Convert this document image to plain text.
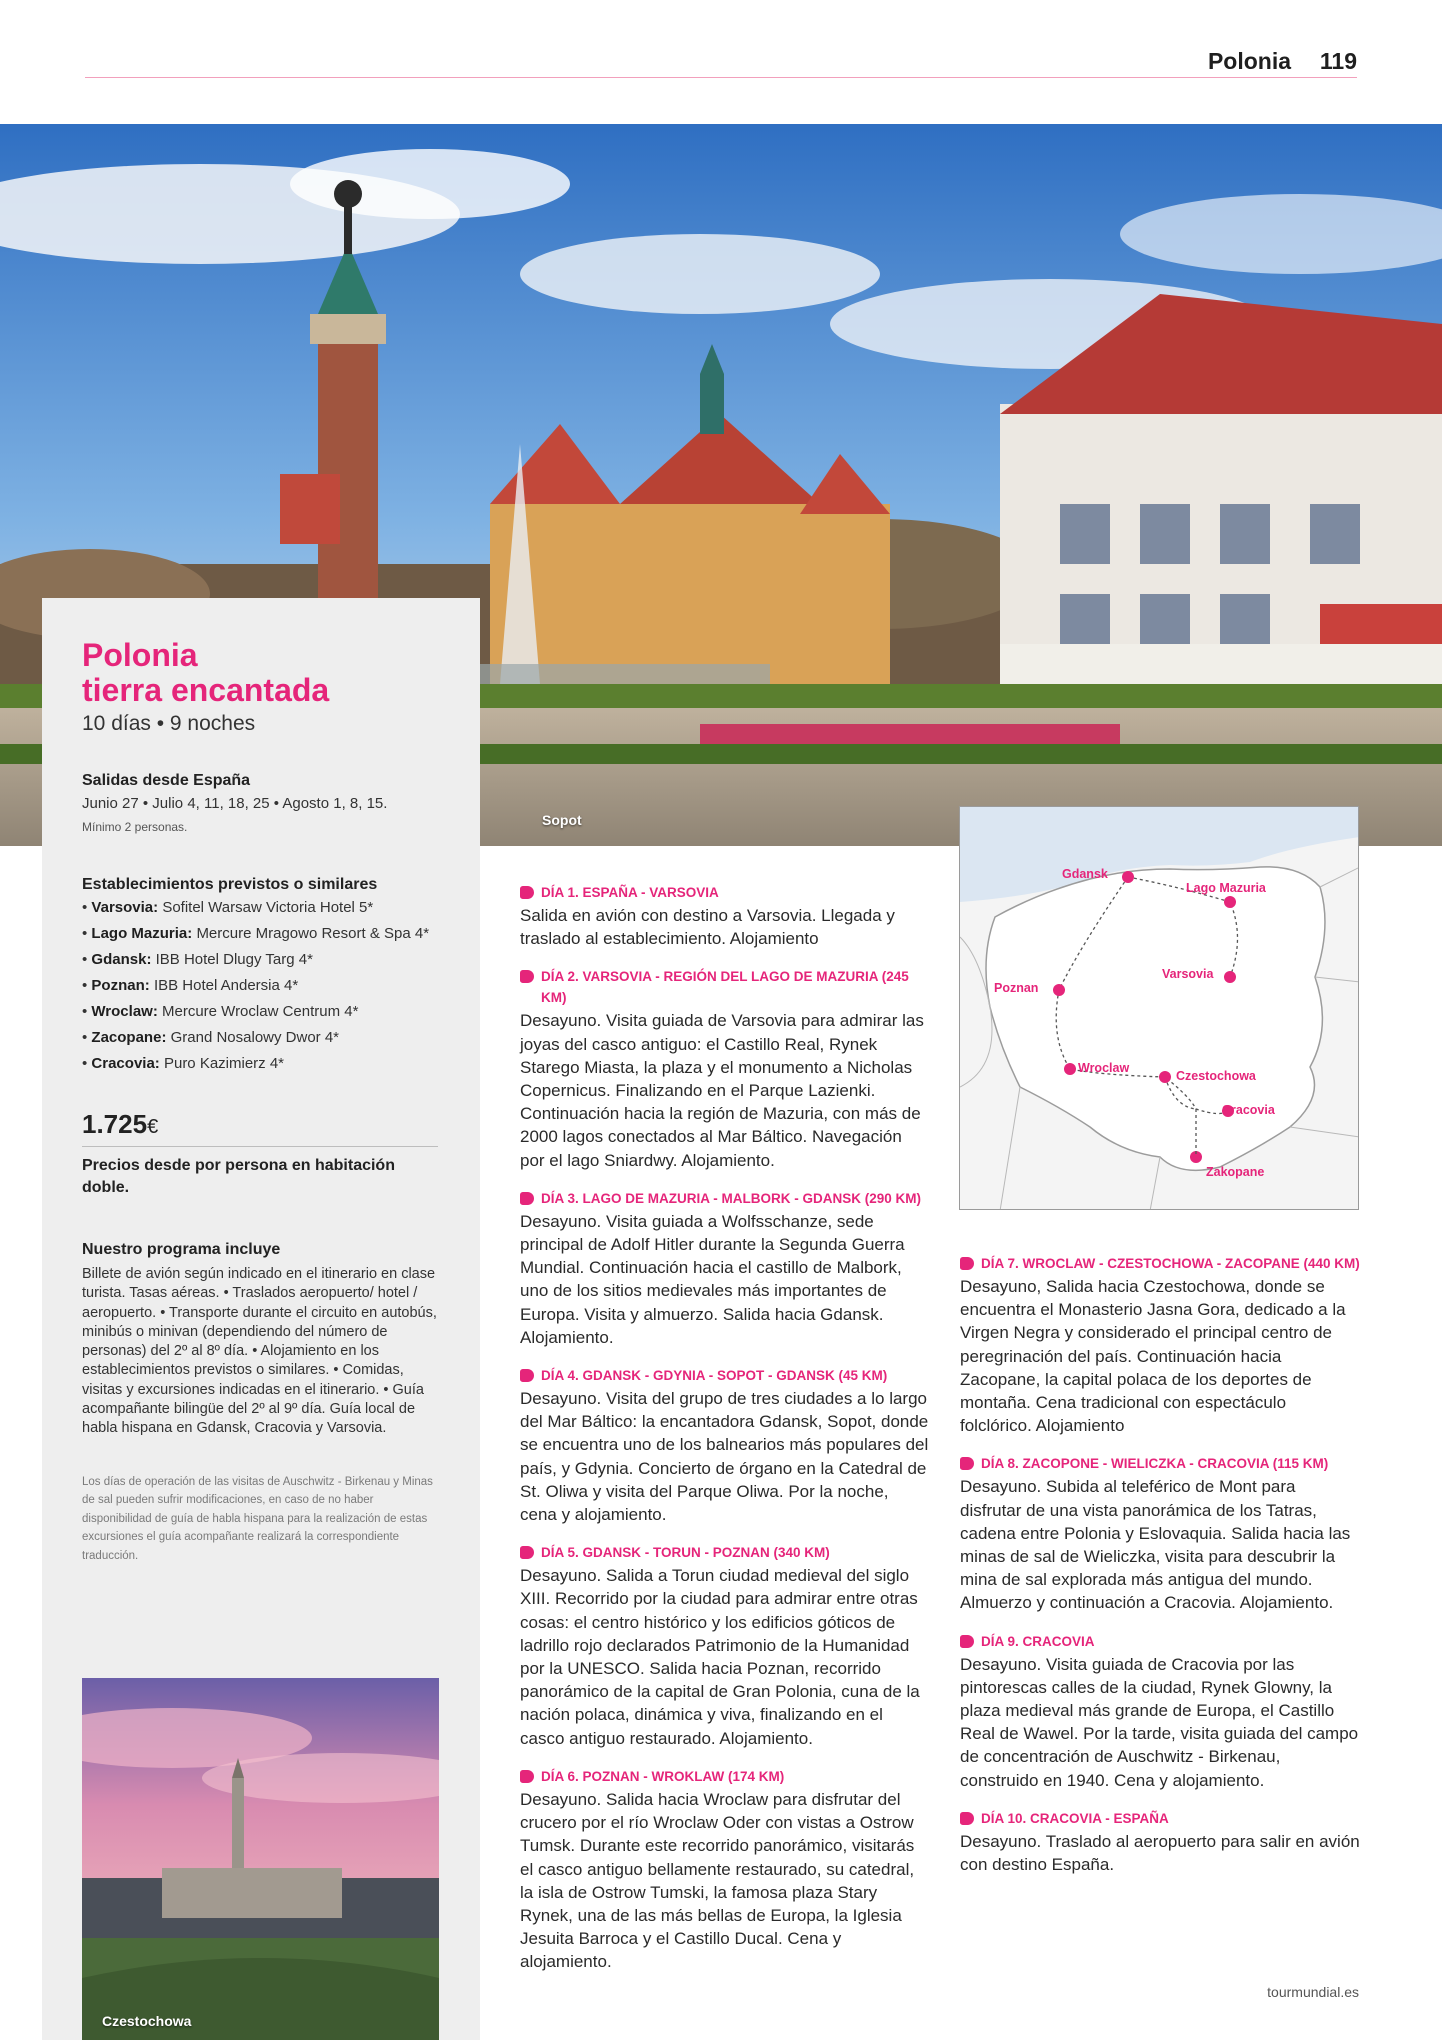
Polonia 119
Sopot
Polonia
tierra encantada
10 días • 9 noches
Salidas desde España
Junio 27 • Julio 4, 11, 18, 25 • Agosto 1, 8, 15.
Mínimo 2 personas.
Establecimientos previstos o similares
• Varsovia: Sofitel Warsaw Victoria Hotel 5*
• Lago Mazuria: Mercure Mragowo Resort & Spa 4*
• Gdansk: IBB Hotel Dlugy Targ 4*
• Poznan: IBB Hotel Andersia 4*
• Wroclaw: Mercure Wroclaw Centrum 4*
• Zacopane: Grand Nosalowy Dwor 4*
• Cracovia: Puro Kazimierz 4*
1.725€
Precios desde por persona en habitación doble.
Nuestro programa incluye
Billete de avión según indicado en el itinerario en clase turista. Tasas aéreas. • Traslados aeropuerto/ hotel / aeropuerto. • Transporte durante el circuito en autobús, minibús o minivan (dependiendo del número de personas) del 2º al 8º día. • Alojamiento en los establecimientos previstos o similares. • Comidas, visitas y excursiones indicadas en el itinerario. • Guía acompañante bilingüe del 2º al 9º día. Guía local de habla hispana en Gdansk, Cracovia y Varsovia.
Los días de operación de las visitas de Auschwitz - Birkenau y Minas de sal pueden sufrir modificaciones, en caso de no haber disponibilidad de guía de habla hispana para la realización de estas excursiones el guía acompañante realizará la correspondiente traducción.
Czestochowa
DÍA 1. ESPAÑA - VARSOVIA
Salida en avión con destino a Varsovia. Llegada y traslado al establecimiento. Alojamiento
DÍA 2. VARSOVIA - REGIÓN DEL LAGO DE MAZURIA (245 KM)
Desayuno. Visita guiada de Varsovia para admirar las joyas del casco antiguo: el Castillo Real, Rynek Starego Miasta, la plaza y el monumento a Nicholas Copernicus. Finalizando en el Parque Lazienki. Continuación hacia la región de Mazuria, con más de 2000 lagos conectados al Mar Báltico. Navegación por el lago Sniardwy. Alojamiento.
DÍA 3. LAGO DE MAZURIA - MALBORK - GDANSK (290 KM)
Desayuno. Visita guiada a Wolfsschanze, sede principal de Adolf Hitler durante la Segunda Guerra Mundial. Continuación hacia el castillo de Malbork, uno de los sitios medievales más importantes de Europa. Visita y almuerzo. Salida hacia Gdansk. Alojamiento.
DÍA 4. GDANSK - GDYNIA - SOPOT - GDANSK (45 KM)
Desayuno. Visita del grupo de tres ciudades a lo largo del Mar Báltico: la encantadora Gdansk, Sopot, donde se encuentra uno de los balnearios más populares del país, y Gdynia. Concierto de órgano en la Catedral de St. Oliwa y visita del Parque Oliwa. Por la noche, cena y alojamiento.
DÍA 5. GDANSK - TORUN - POZNAN (340 KM)
Desayuno. Salida a Torun ciudad medieval del siglo XIII. Recorrido por la ciudad para admirar entre otras cosas: el centro histórico y los edificios góticos de ladrillo rojo declarados Patrimonio de la Humanidad por la UNESCO. Salida hacia Poznan, recorrido panorámico de la capital de Gran Polonia, cuna de la nación polaca, dinámica y viva, finalizando en el casco antiguo restaurado. Alojamiento.
DÍA 6. POZNAN - WROKLAW (174 KM)
Desayuno. Salida hacia Wroclaw para disfrutar del crucero por el río Wroclaw Oder con vistas a Ostrow Tumsk. Durante este recorrido panorámico, visitarás el casco antiguo bellamente restaurado, su catedral, la isla de Ostrow Tumski, la famosa plaza Stary Rynek, una de las más bellas de Europa, la Iglesia Jesuita Barroca y el Castillo Ducal. Cena y alojamiento.
Gdansk
Lago Mazuria
Varsovia
Poznan
Wroclaw
Czestochowa
Cracovia
Zakopane
DÍA 7. WROCLAW - CZESTOCHOWA - ZACOPANE (440 KM)
Desayuno, Salida hacia Czestochowa, donde se encuentra el Monasterio Jasna Gora, dedicado a la Virgen Negra y considerado el principal centro de peregrinación del país. Continuación hacia Zacopane, la capital polaca de los deportes de montaña. Cena tradicional con espectáculo folclórico. Alojamiento
DÍA 8. ZACOPONE - WIELICZKA - CRACOVIA (115 KM)
Desayuno. Subida al teleférico de Mont para disfrutar de una vista panorámica de los Tatras, cadena entre Polonia y Eslovaquia. Salida hacia las minas de sal de Wieliczka, visita para descubrir la mina de sal explorada más antigua del mundo. Almuerzo y continuación a Cracovia. Alojamiento.
DÍA 9. CRACOVIA
Desayuno. Visita guiada de Cracovia por las pintorescas calles de la ciudad, Rynek Glowny, la plaza medieval más grande de Europa, el Castillo Real de Wawel. Por la tarde, visita guiada del campo de concentración de Auschwitz - Birkenau, construido en 1940. Cena y alojamiento.
DÍA 10. CRACOVIA - ESPAÑA
Desayuno. Traslado al aeropuerto para salir en avión con destino España.
tourmundial.es
